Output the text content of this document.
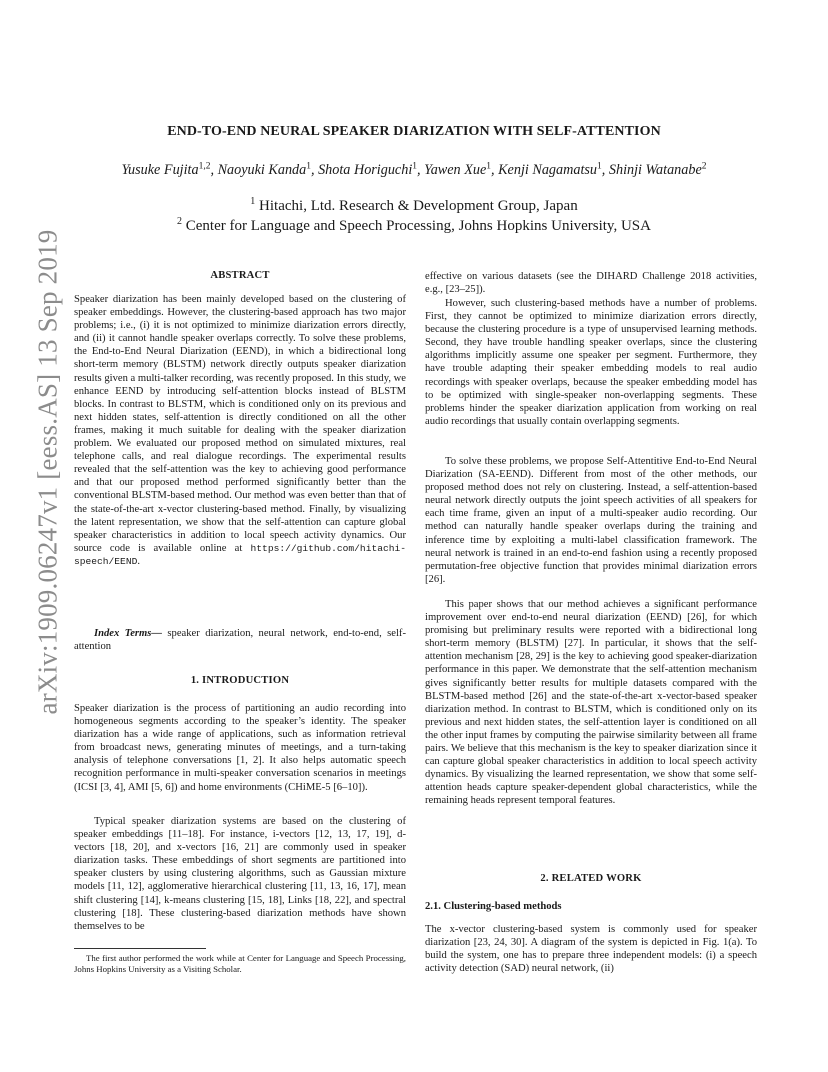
arXiv:1909.06247v1 [eess.AS] 13 Sep 2019
END-TO-END NEURAL SPEAKER DIARIZATION WITH SELF-ATTENTION
Yusuke Fujita$^{1,2}$, Naoyuki Kanda$^1$, Shota Horiguchi$^1$, Yawen Xue$^1$, Kenji Nagamatsu$^1$, Shinji Watanabe$^2$
$^1$ Hitachi, Ltd. Research & Development Group, Japan
$^2$ Center for Language and Speech Processing, Johns Hopkins University, USA
ABSTRACT

Speaker diarization has been mainly developed based on the clustering of speaker embeddings. However, the clustering-based approach has two major problems; i.e., (i) it is not optimized to minimize diarization errors directly, and (ii) it cannot handle speaker overlaps correctly. To solve these problems, the End-to-End Neural Diarization (EEND), in which a bidirectional long short-term memory (BLSTM) network directly outputs speaker diarization results given a multi-talker recording, was recently proposed. In this study, we enhance EEND by introducing self-attention blocks instead of BLSTM blocks. In contrast to BLSTM, which is conditioned only on its previous and next hidden states, self-attention is directly conditioned on all the other frames, making it much suitable for dealing with the speaker diarization problem. We evaluated our proposed method on simulated mixtures, real telephone calls, and real dialogue recordings. The experimental results revealed that the self-attention was the key to achieving good performance and that our proposed method performed significantly better than the conventional BLSTM-based method. Our method was even better than that of the state-of-the-art x-vector clustering-based method. Finally, by visualizing the latent representation, we show that the self-attention can capture global speaker characteristics in addition to local speech activity dynamics. Our source code is available online at https://github.com/hitachi-speech/EEND.

Index Terms— speaker diarization, neural network, end-to-end, self-attention

1. INTRODUCTION

Speaker diarization is the process of partitioning an audio recording into homogeneous segments according to the speaker’s identity. The speaker diarization has a wide range of applications, such as information retrieval from broadcast news, generating minutes of meetings, and a turn-taking analysis of telephone conversations [1, 2]. It also helps automatic speech recognition performance in multi-speaker conversation scenarios in meetings (ICSI [3, 4], AMI [5, 6]) and home environments (CHiME-5 [6–10]).

Typical speaker diarization systems are based on the clustering of speaker embeddings [11–18]. For instance, i-vectors [12, 13, 17, 19], d-vectors [18, 20], and x-vectors [16, 21] are commonly used in speaker diarization tasks. These embeddings of short segments are partitioned into speaker clusters by using clustering algorithms, such as Gaussian mixture models [11, 12], agglomerative hierarchical clustering [11, 13, 16, 17], mean shift clustering [14], k-means clustering [15, 18], Links [18, 22], and spectral clustering [18]. These clustering-based diarization methods have shown themselves to be

The first author performed the work while at Center for Language and Speech Processing, Johns Hopkins University as a Visiting Scholar.

effective on various datasets (see the DIHARD Challenge 2018 activities, e.g., [23–25]).

However, such clustering-based methods have a number of problems. First, they cannot be optimized to minimize diarization errors directly, because the clustering procedure is a type of unsupervised learning methods. Second, they have trouble handling speaker overlaps, since the clustering algorithms implicitly assume one speaker per segment. Furthermore, they have trouble adapting their speaker embedding models to real audio recordings with speaker overlaps, because the speaker embedding model has to be optimized with single-speaker non-overlapping segments. These problems hinder the speaker diarization application from working on real audio recordings that usually contain overlapping segments.

To solve these problems, we propose Self-Attentitive End-to-End Neural Diarization (SA-EEND). Different from most of the other methods, our proposed method does not rely on clustering. Instead, a self-attention-based neural network directly outputs the joint speech activities of all speakers for each time frame, given an input of a multi-speaker audio recording. Our method can naturally handle speaker overlaps during the training and inference time by exploiting a multi-label classification framework. The neural network is trained in an end-to-end fashion using a recently proposed permutation-free objective function that provides minimal diarization errors [26].

This paper shows that our method achieves a significant performance improvement over end-to-end neural diarization (EEND) [26], for which promising but preliminary results were reported with a bidirectional long short-term memory (BLSTM) [27]. In particular, it shows that the self-attention mechanism [28, 29] is the key to achieving good speaker-diarization performance in this paper. We demonstrate that the self-attention mechanism gives significantly better results for multiple datasets compared with the BLSTM-based method [26] and the state-of-the-art x-vector-based speaker diarization method. In contrast to BLSTM, which is conditioned only on its previous and next hidden states, the self-attention layer is conditioned on all the other input frames by computing the pairwise similarity between all frame pairs. We believe that this mechanism is the key to speaker diarization since it can capture global speaker characteristics in addition to local speech activity dynamics. By visualizing the learned representation, we show that some self-attention heads capture speaker-dependent global characteristics, while the remaining heads represent temporal features.

2. RELATED WORK
2.1. Clustering-based methods

The x-vector clustering-based system is commonly used for speaker diarization [23, 24, 30]. A diagram of the system is depicted in Fig. 1(a). To build the system, one has to prepare three independent models: (i) a speech activity detection (SAD) neural network, (ii)
